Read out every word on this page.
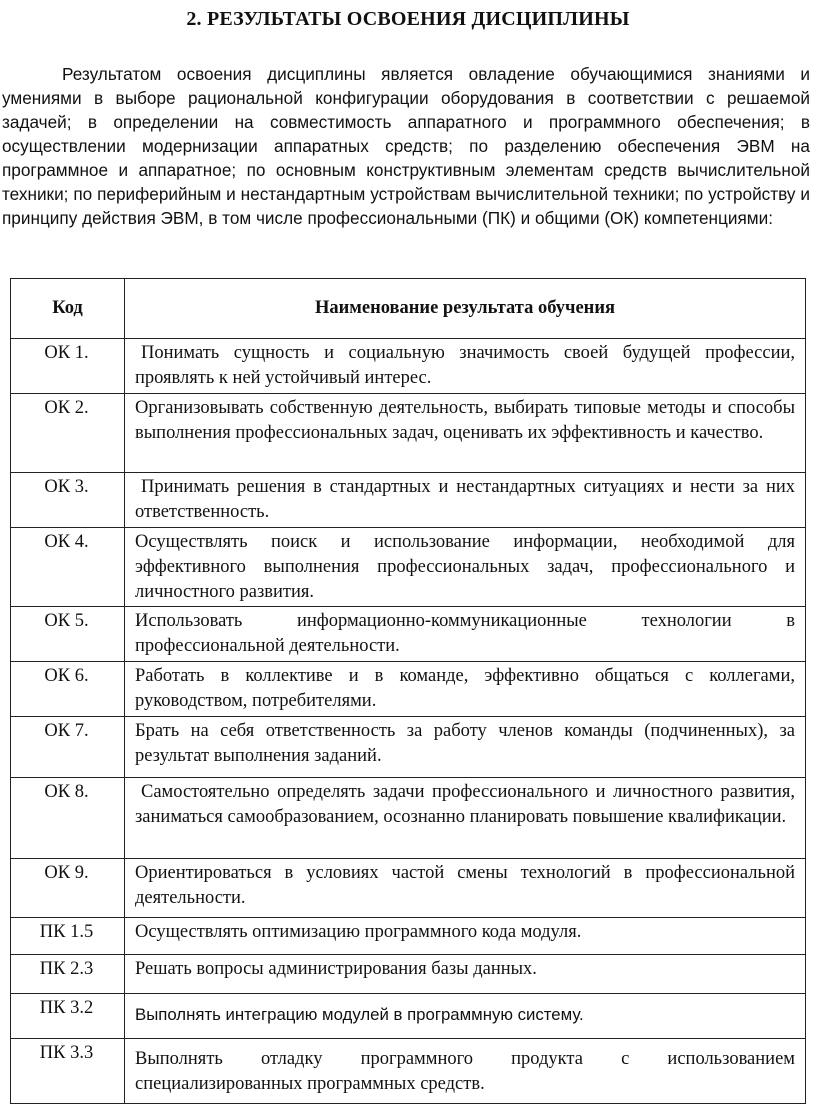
2. РЕЗУЛЬТАТЫ ОСВОЕНИЯ ДИСЦИПЛИНЫ

Результатом освоения дисциплины является овладение обучающимися знаниями и умениями в выборе рациональной конфигурации оборудования в соответствии с решаемой задачей; в определении на совместимость аппаратного и программного обеспечения; в осуществлении модернизации аппаратных средств; по разделению обеспечения ЭВМ на программное и аппаратное; по основным конструктивным элементам средств вычислительной техники; по периферийным и нестандартным устройствам вычислительной техники; по устройству и принципу действия ЭВМ, в том числе профессиональными (ПК) и общими (ОК) компетенциями:

Код	Наименование результата обучения
ОК 1.	Понимать сущность и социальную значимость своей будущей профессии, проявлять к ней устойчивый интерес.
ОК 2.	Организовывать собственную деятельность, выбирать типовые методы и способы выполнения профессиональных задач, оценивать их эффективность и качество.
ОК 3.	Принимать решения в стандартных и нестандартных ситуациях и нести за них ответственность.
ОК 4.	Осуществлять поиск и использование информации, необходимой для эффективного выполнения профессиональных задач, профессионального и личностного развития.
ОК 5.	Использовать информационно-коммуникационные технологии в профессиональной деятельности.
ОК 6.	Работать в коллективе и в команде, эффективно общаться с коллегами, руководством, потребителями.
ОК 7.	Брать на себя ответственность за работу членов команды (подчиненных), за результат выполнения заданий.
ОК 8.	Самостоятельно определять задачи профессионального и личностного развития, заниматься самообразованием, осознанно планировать повышение квалификации.
ОК 9.	Ориентироваться в условиях частой смены технологий в профессиональной деятельности.
ПК 1.5	Осуществлять оптимизацию программного кода модуля.
ПК 2.3	Решать вопросы администрирования базы данных.
ПК 3.2	Выполнять интеграцию модулей в программную систему.
ПК 3.3	Выполнять отладку программного продукта с использованием специализированных программных средств.
